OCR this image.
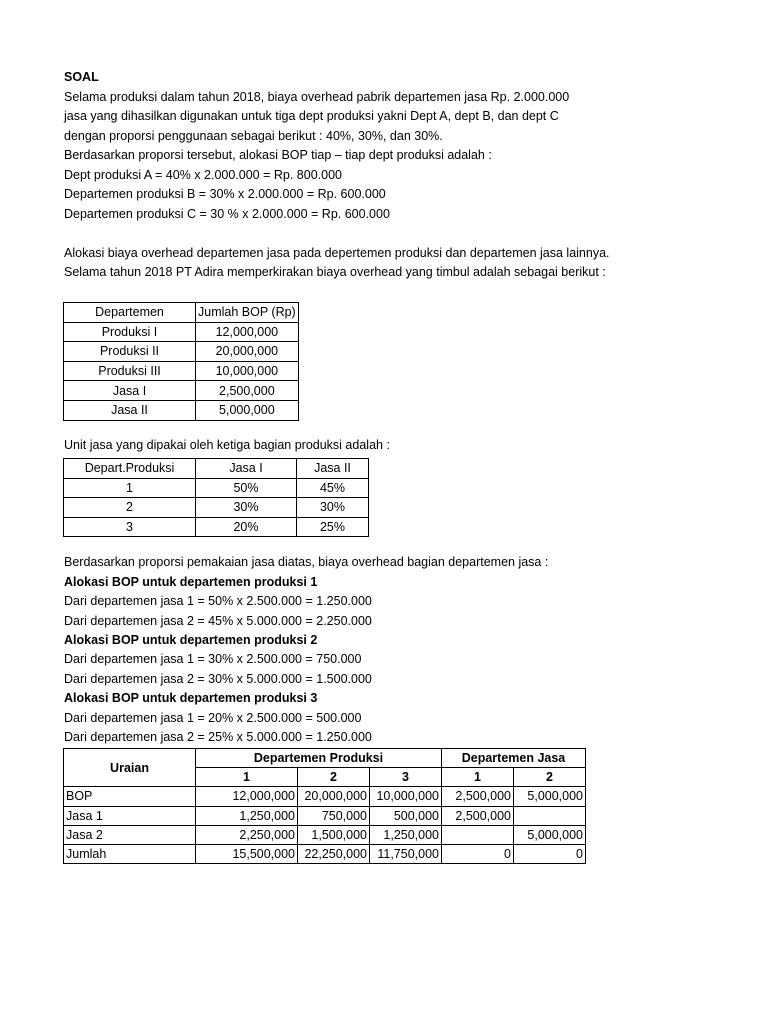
SOAL
Selama produksi dalam tahun 2018, biaya overhead pabrik departemen jasa Rp. 2.000.000
jasa yang dihasilkan digunakan untuk tiga dept produksi yakni Dept A, dept B, dan dept C
dengan proporsi penggunaan sebagai berikut : 40%, 30%, dan 30%.
Berdasarkan proporsi tersebut, alokasi BOP tiap – tiap dept produksi adalah :
Dept produksi A = 40% x 2.000.000 = Rp. 800.000
Departemen produksi B = 30% x 2.000.000 = Rp. 600.000
Departemen produksi C = 30 % x 2.000.000 = Rp. 600.000
Alokasi biaya overhead departemen jasa pada depertemen produksi dan departemen jasa lainnya.
Selama tahun 2018 PT Adira memperkirakan biaya overhead yang timbul adalah sebagai berikut :
Departemen	Jumlah BOP (Rp)
Produksi I	12,000,000
Produksi II	20,000,000
Produksi III	10,000,000
Jasa I	2,500,000
Jasa II	5,000,000
Unit jasa yang dipakai oleh ketiga bagian produksi adalah :
Depart.Produksi	Jasa I	Jasa II
1	50%	45%
2	30%	30%
3	20%	25%
Berdasarkan proporsi pemakaian jasa diatas, biaya overhead bagian departemen jasa :
Alokasi BOP untuk departemen produksi 1
Dari departemen jasa 1 = 50% x 2.500.000 = 1.250.000
Dari departemen jasa 2 = 45% x 5.000.000 = 2.250.000
Alokasi BOP untuk departemen produksi 2
Dari departemen jasa 1 = 30% x 2.500.000 = 750.000
Dari departemen jasa 2 = 30% x 5.000.000 = 1.500.000
Alokasi BOP untuk departemen produksi 3
Dari departemen jasa 1 = 20% x 2.500.000 = 500.000
Dari departemen jasa 2 = 25% x 5.000.000 = 1.250.000
Uraian	Departemen Produksi			Departemen Jasa	
	1	2	3	1	2
BOP	12,000,000	20,000,000	10,000,000	2,500,000	5,000,000
Jasa 1	1,250,000	750,000	500,000	2,500,000	
Jasa 2	2,250,000	1,500,000	1,250,000		5,000,000
Jumlah	15,500,000	22,250,000	11,750,000	0	0
